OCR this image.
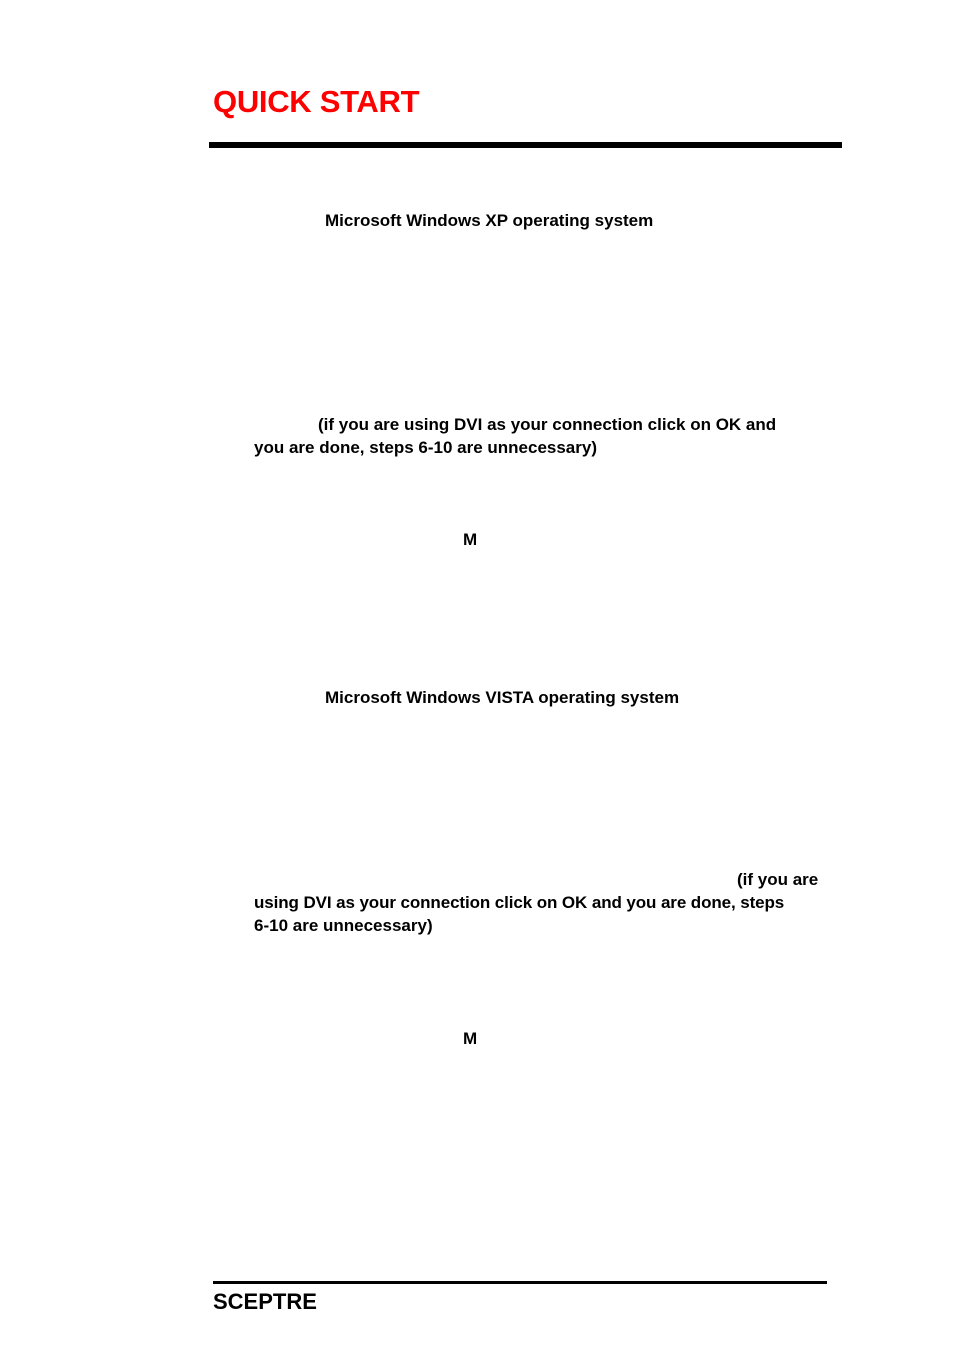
QUICK START

Microsoft Windows XP operating system

(if you are using DVI as your connection click on OK and

you are done, steps 6-10 are unnecessary)

M

Microsoft Windows VISTA operating system

(if you are

using DVI as your connection click on OK and you are done, steps

6-10 are unnecessary)

M

SCEPTRE
